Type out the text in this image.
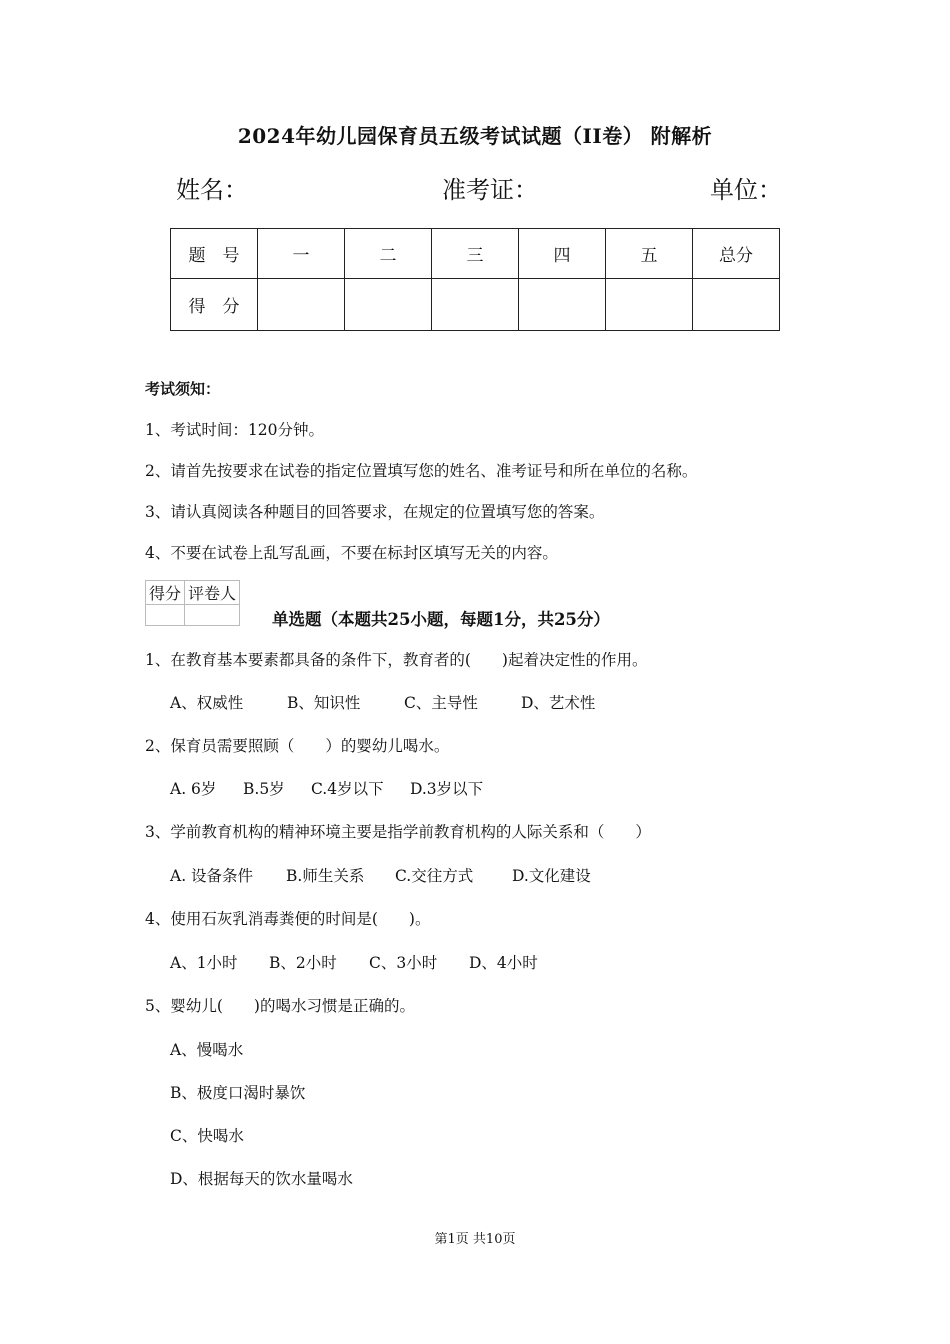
2024年幼儿园保育员五级考试试题（II卷） 附解析
姓名：	准考证：	单位：
题　号	一	二	三	四	五	总分
得　分						
考试须知：
1、考试时间：120分钟。
2、请首先按要求在试卷的指定位置填写您的姓名、准考证号和所在单位的名称。
3、请认真阅读各种题目的回答要求，在规定的位置填写您的答案。
4、不要在试卷上乱写乱画，不要在标封区填写无关的内容。
得分	评卷人

单选题（本题共25小题，每题1分，共25分）
1、在教育基本要素都具备的条件下，教育者的(　　)起着决定性的作用。
A、权威性	B、知识性	C、主导性	D、艺术性
2、保育员需要照顾（　　）的婴幼儿喝水。
A. 6岁 B.5岁 C.4岁以下 D.3岁以下
3、学前教育机构的精神环境主要是指学前教育机构的人际关系和（　　）
A. 设备条件 B.师生关系 C.交往方式	D.文化建设
4、使用石灰乳消毒粪便的时间是(　　)。
A、1小时 B、2小时 C、3小时 D、4小时
5、婴幼儿(　　)的喝水习惯是正确的。
A、慢喝水
B、极度口渴时暴饮
C、快喝水
D、根据每天的饮水量喝水
第1页 共10页
